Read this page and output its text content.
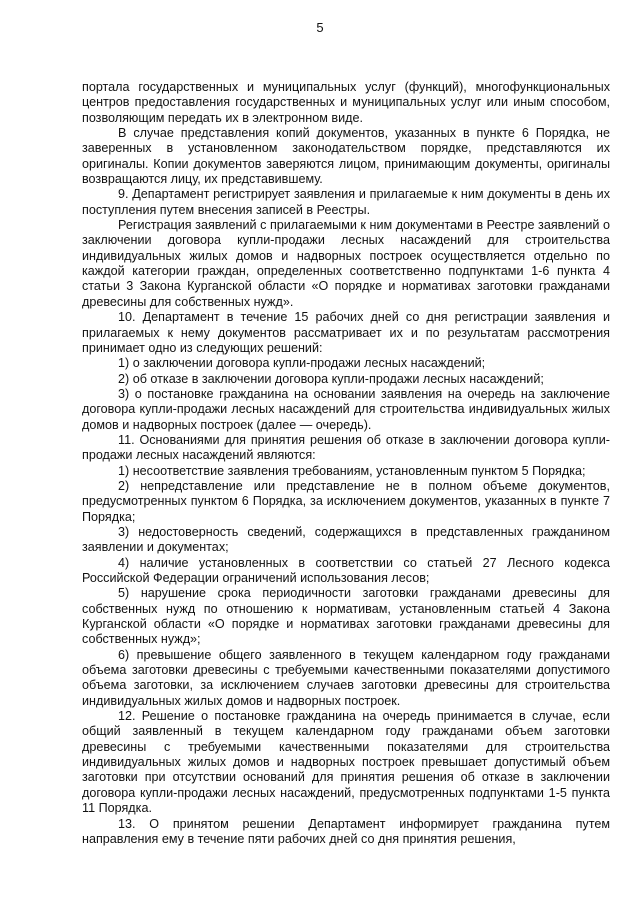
5

портала государственных и муниципальных услуг (функций), многофункциональных центров предоставления государственных и муниципальных услуг или иным способом, позволяющим передать их в электронном виде.

В случае представления копий документов, указанных в пункте 6 Порядка, не заверенных в установленном законодательством порядке, представляются их оригиналы. Копии документов заверяются лицом, принимающим документы, оригиналы возвращаются лицу, их представившему.

9. Департамент регистрирует заявления и прилагаемые к ним документы в день их поступления путем внесения записей в Реестры.

Регистрация заявлений с прилагаемыми к ним документами в Реестре заявлений о заключении договора купли-продажи лесных насаждений для строительства индивидуальных жилых домов и надворных построек осуществляется отдельно по каждой категории граждан, определенных соответственно подпунктами 1-6 пункта 4 статьи 3 Закона Курганской области «О порядке и нормативах заготовки гражданами древесины для собственных нужд».

10. Департамент в течение 15 рабочих дней со дня регистрации заявления и прилагаемых к нему документов рассматривает их и по результатам рассмотрения принимает одно из следующих решений:

1) о заключении договора купли-продажи лесных насаждений;

2) об отказе в заключении договора купли-продажи лесных насаждений;

3) о постановке гражданина на основании заявления на очередь на заключение договора купли-продажи лесных насаждений для строительства индивидуальных жилых домов и надворных построек (далее — очередь).

11. Основаниями для принятия решения об отказе в заключении договора купли-продажи лесных насаждений являются:

1) несоответствие заявления требованиям, установленным пунктом 5 Порядка;

2) непредставление или представление не в полном объеме документов, предусмотренных пунктом 6 Порядка, за исключением документов, указанных в пункте 7 Порядка;

3) недостоверность сведений, содержащихся в представленных гражданином заявлении и документах;

4) наличие установленных в соответствии со статьей 27 Лесного кодекса Российской Федерации ограничений использования лесов;

5) нарушение срока периодичности заготовки гражданами древесины для собственных нужд по отношению к нормативам, установленным статьей 4 Закона Курганской области «О порядке и нормативах заготовки гражданами древесины для собственных нужд»;

6) превышение общего заявленного в текущем календарном году гражданами объема заготовки древесины с требуемыми качественными показателями допустимого объема заготовки, за исключением случаев заготовки древесины для строительства индивидуальных жилых домов и надворных построек.

12. Решение о постановке гражданина на очередь принимается в случае, если общий заявленный в текущем календарном году гражданами объем заготовки древесины с требуемыми качественными показателями для строительства индивидуальных жилых домов и надворных построек превышает допустимый объем заготовки при отсутствии оснований для принятия решения об отказе в заключении договора купли-продажи лесных насаждений, предусмотренных подпунктами 1-5 пункта 11 Порядка.

13. О принятом решении Департамент информирует гражданина путем направления ему в течение пяти рабочих дней со дня принятия решения,
